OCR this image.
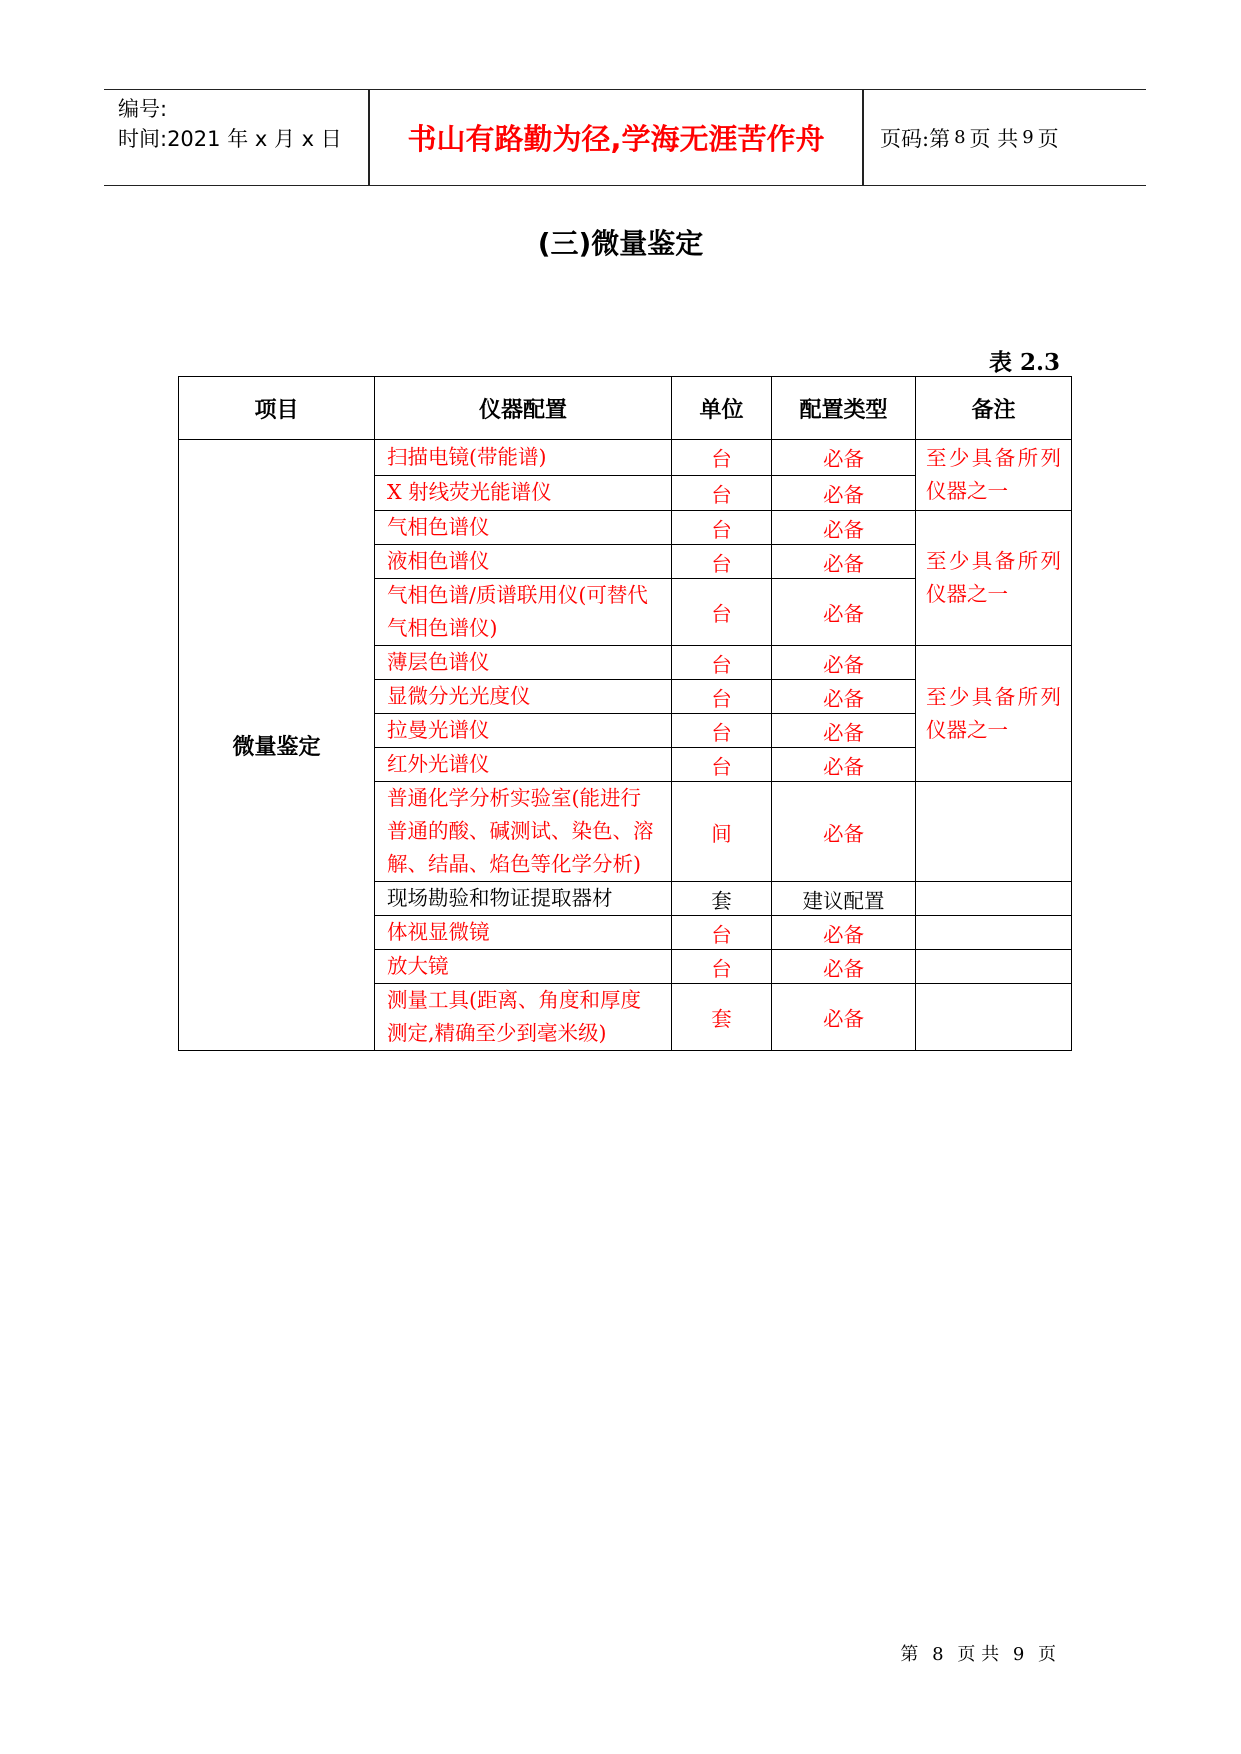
编号:
时间:2021 年 x 月 x 日	书山有路勤为径,学海无涯苦作舟	页码:第 8 页 共 9 页
(三)微量鉴定
表 2.3
项目	仪器配置	单位	配置类型	备注
微量鉴定	扫描电镜(带能谱)	台	必备	至少具备所列仪器之一
	X 射线荧光能谱仪	台	必备	
	气相色谱仪	台	必备	至少具备所列仪器之一
	液相色谱仪	台	必备	
	气相色谱/质谱联用仪(可替代气相色谱仪)	台	必备	
	薄层色谱仪	台	必备	至少具备所列仪器之一
	显微分光光度仪	台	必备	
	拉曼光谱仪	台	必备	
	红外光谱仪	台	必备	
	普通化学分析实验室(能进行普通的酸、碱测试、染色、溶解、结晶、焰色等化学分析)	间	必备	
	现场勘验和物证提取器材	套	建议配置	
	体视显微镜	台	必备	
	放大镜	台	必备	
	测量工具(距离、角度和厚度测定,精确至少到毫米级)	套	必备	
第 8 页 共 9 页
